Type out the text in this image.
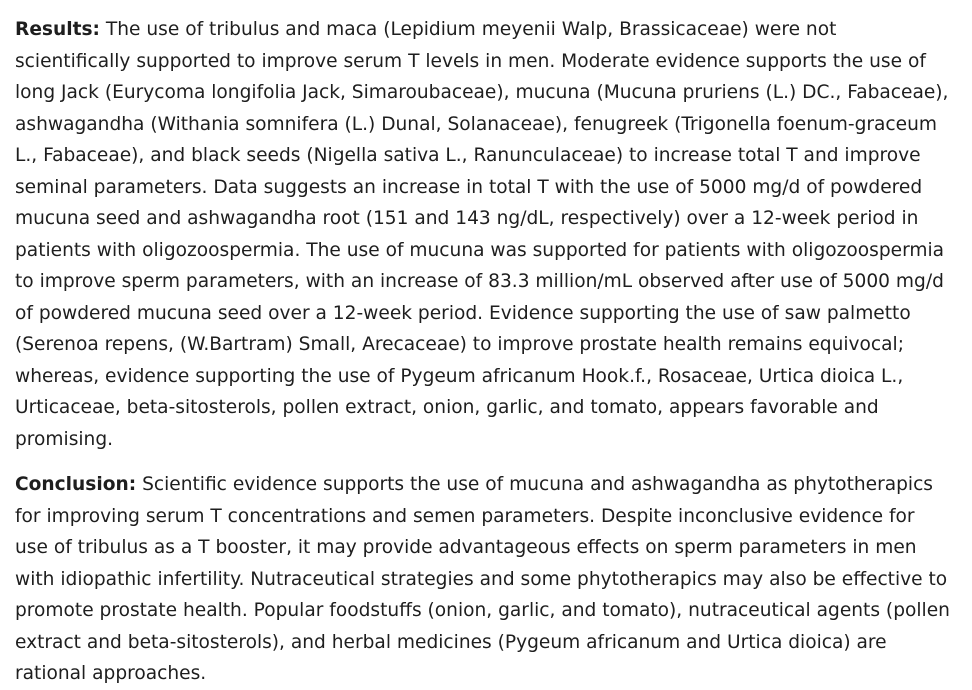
Results: The use of tribulus and maca (Lepidium meyenii Walp, Brassicaceae) were not scientifically supported to improve serum T levels in men. Moderate evidence supports the use of long Jack (Eurycoma longifolia Jack, Simaroubaceae), mucuna (Mucuna pruriens (L.) DC., Fabaceae), ashwagandha (Withania somnifera (L.) Dunal, Solanaceae), fenugreek (Trigonella foenum-graceum L., Fabaceae), and black seeds (Nigella sativa L., Ranunculaceae) to increase total T and improve seminal parameters. Data suggests an increase in total T with the use of 5000 mg/d of powdered mucuna seed and ashwagandha root (151 and 143 ng/dL, respectively) over a 12-week period in patients with oligozoospermia. The use of mucuna was supported for patients with oligozoospermia to improve sperm parameters, with an increase of 83.3 million/mL observed after use of 5000 mg/d of powdered mucuna seed over a 12-week period. Evidence supporting the use of saw palmetto (Serenoa repens, (W.Bartram) Small, Arecaceae) to improve prostate health remains equivocal; whereas, evidence supporting the use of Pygeum africanum Hook.f., Rosaceae, Urtica dioica L., Urticaceae, beta-sitosterols, pollen extract, onion, garlic, and tomato, appears favorable and promising.

Conclusion: Scientific evidence supports the use of mucuna and ashwagandha as phytotherapics for improving serum T concentrations and semen parameters. Despite inconclusive evidence for use of tribulus as a T booster, it may provide advantageous effects on sperm parameters in men with idiopathic infertility. Nutraceutical strategies and some phytotherapics may also be effective to promote prostate health. Popular foodstuffs (onion, garlic, and tomato), nutraceutical agents (pollen extract and beta-sitosterols), and herbal medicines (Pygeum africanum and Urtica dioica) are rational approaches.
